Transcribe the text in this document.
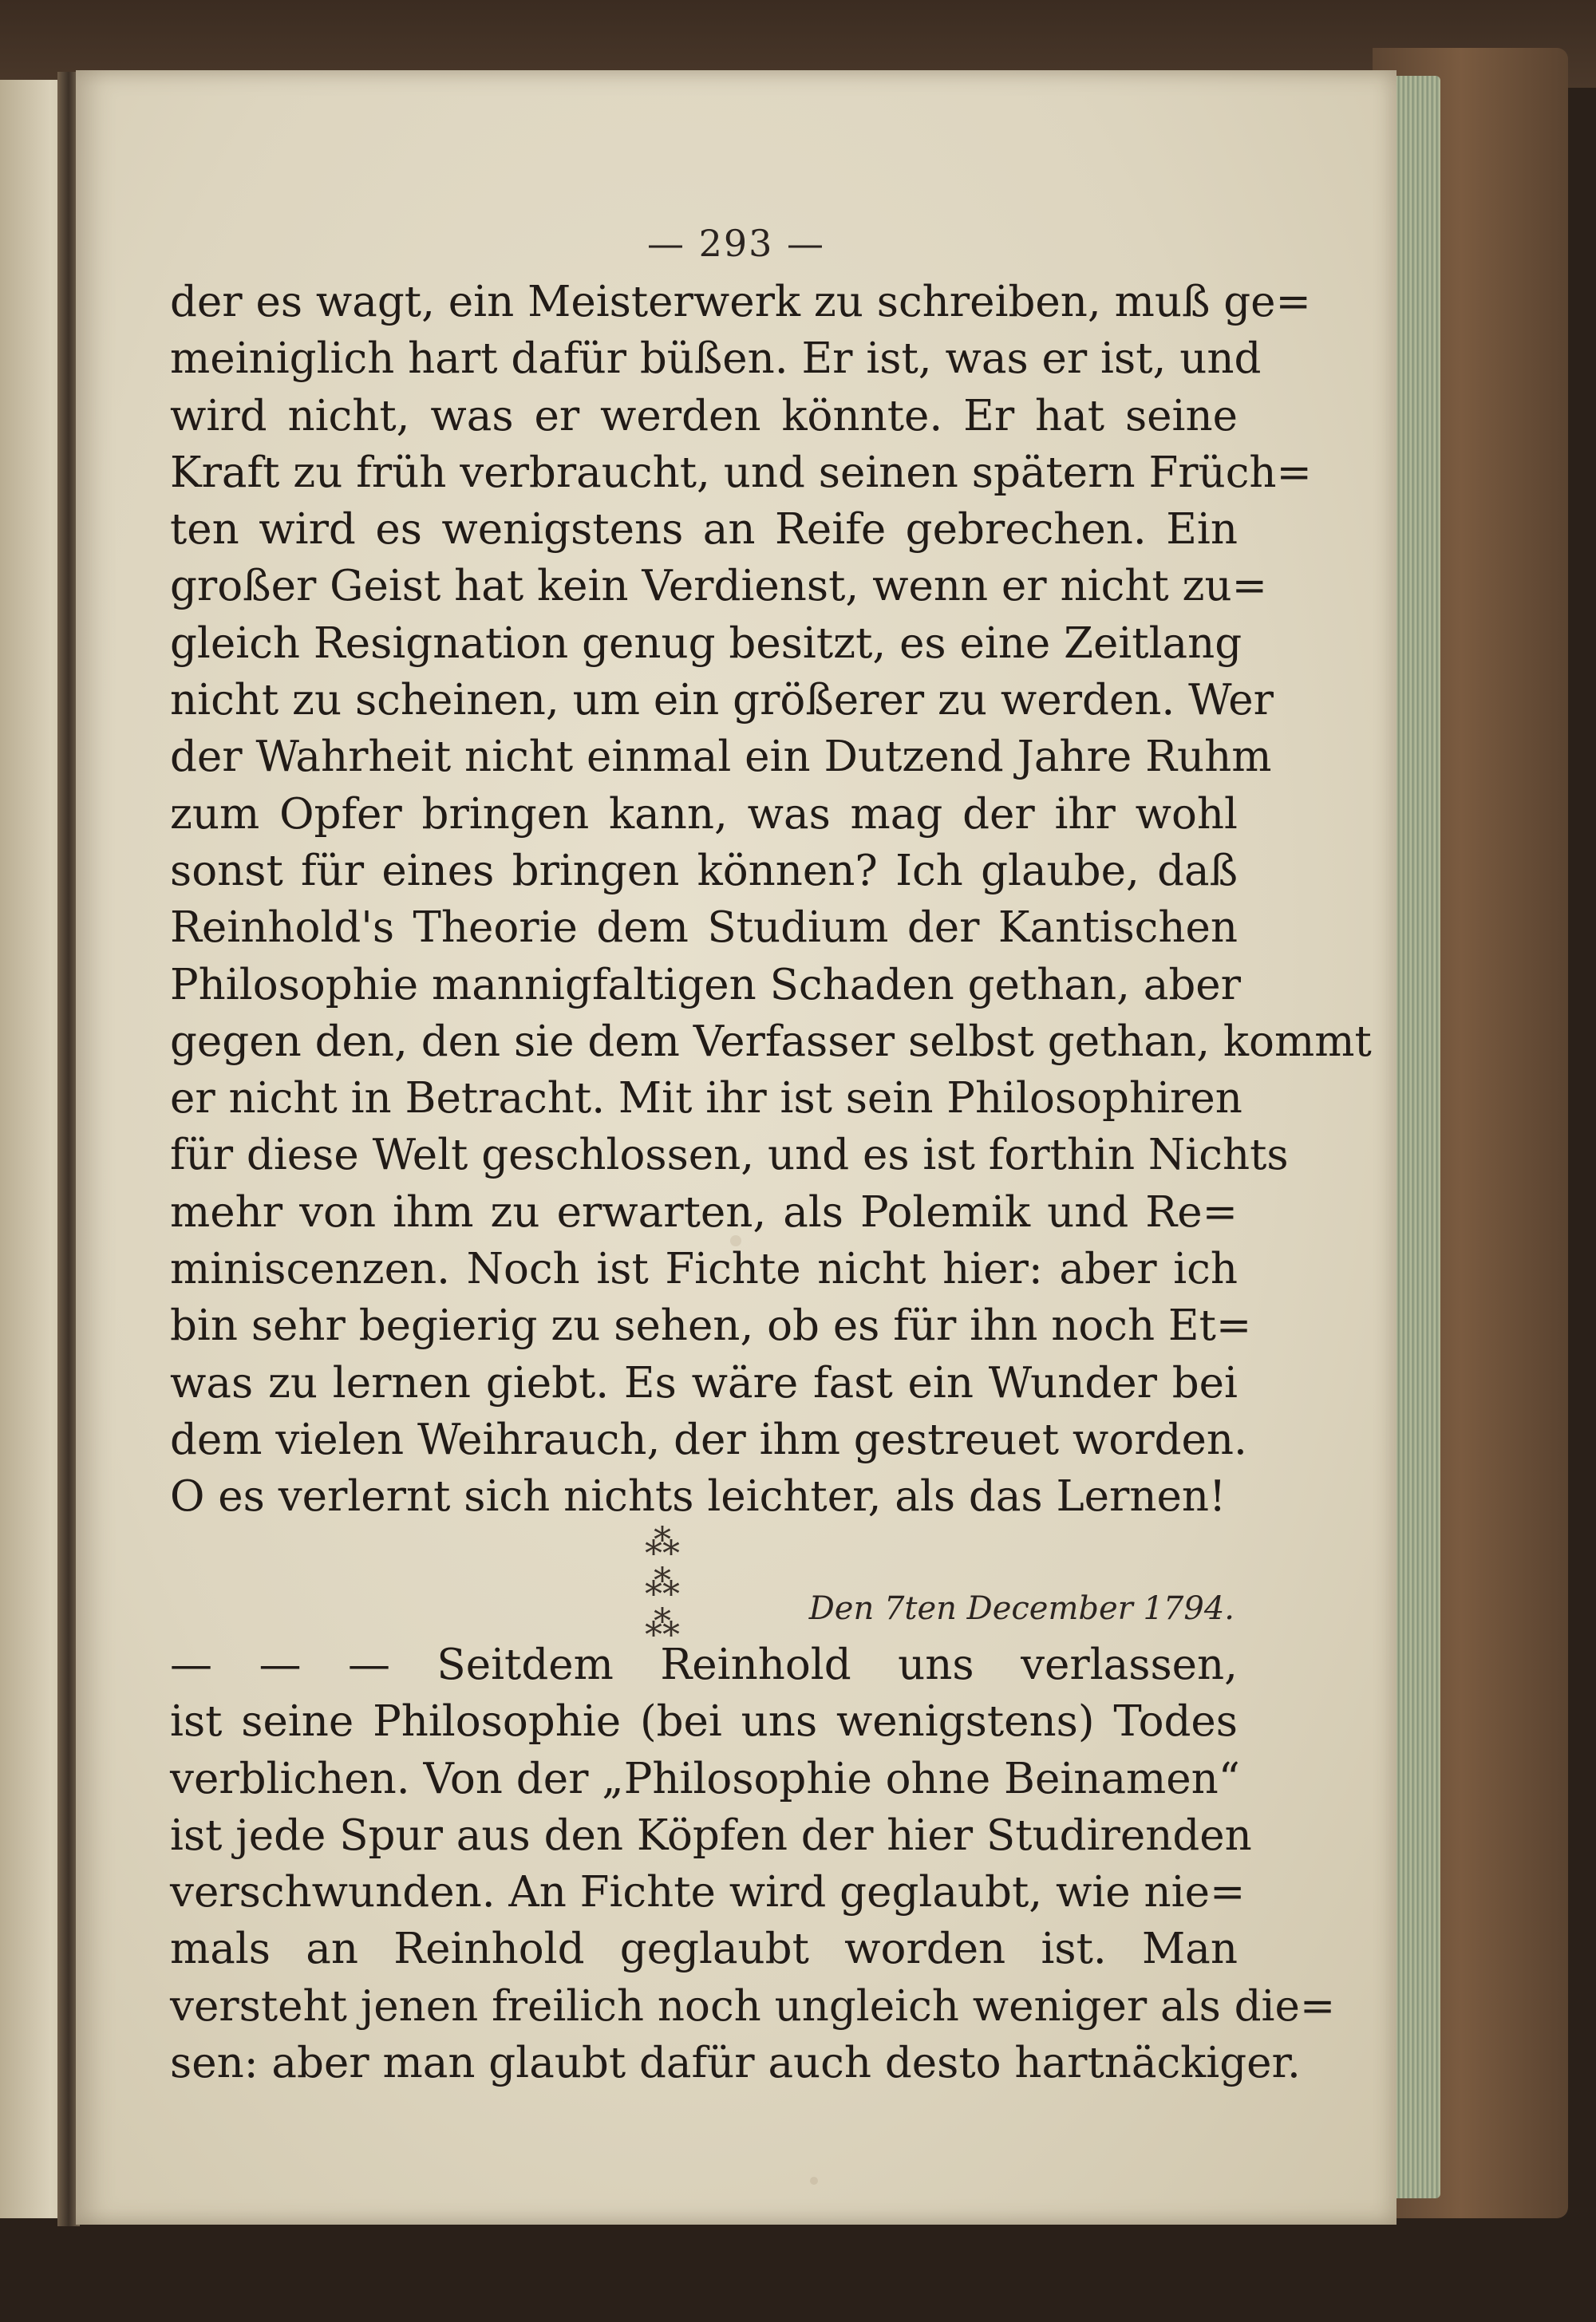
— 293 —
der es wagt, ein Meisterwerk zu schreiben, muß ge=
meiniglich hart dafür büßen. Er ist, was er ist, und
wird nicht, was er werden könnte. Er hat seine
Kraft zu früh verbraucht, und seinen spätern Früch=
ten wird es wenigstens an Reife gebrechen. Ein
großer Geist hat kein Verdienst, wenn er nicht zu=
gleich Resignation genug besitzt, es eine Zeitlang
nicht zu scheinen, um ein größerer zu werden. Wer
der Wahrheit nicht einmal ein Dutzend Jahre Ruhm
zum Opfer bringen kann, was mag der ihr wohl
sonst für eines bringen können? Ich glaube, daß
Reinhold's Theorie dem Studium der Kantischen
Philosophie mannigfaltigen Schaden gethan, aber
gegen den, den sie dem Verfasser selbst gethan, kommt
er nicht in Betracht. Mit ihr ist sein Philosophiren
für diese Welt geschlossen, und es ist forthin Nichts
mehr von ihm zu erwarten, als Polemik und Re=
miniscenzen. Noch ist Fichte nicht hier: aber ich
bin sehr begierig zu sehen, ob es für ihn noch Et=
was zu lernen giebt. Es wäre fast ein Wunder bei
dem vielen Weihrauch, der ihm gestreuet worden.
O es verlernt sich nichts leichter, als das Lernen!
⁂ ⁂ ⁂	Den 7ten December 1794.
— — — Seitdem Reinhold uns verlassen,
ist seine Philosophie (bei uns wenigstens) Todes
verblichen. Von der „Philosophie ohne Beinamen“
ist jede Spur aus den Köpfen der hier Studirenden
verschwunden. An Fichte wird geglaubt, wie nie=
mals an Reinhold geglaubt worden ist. Man
versteht jenen freilich noch ungleich weniger als die=
sen: aber man glaubt dafür auch desto hartnäckiger.
